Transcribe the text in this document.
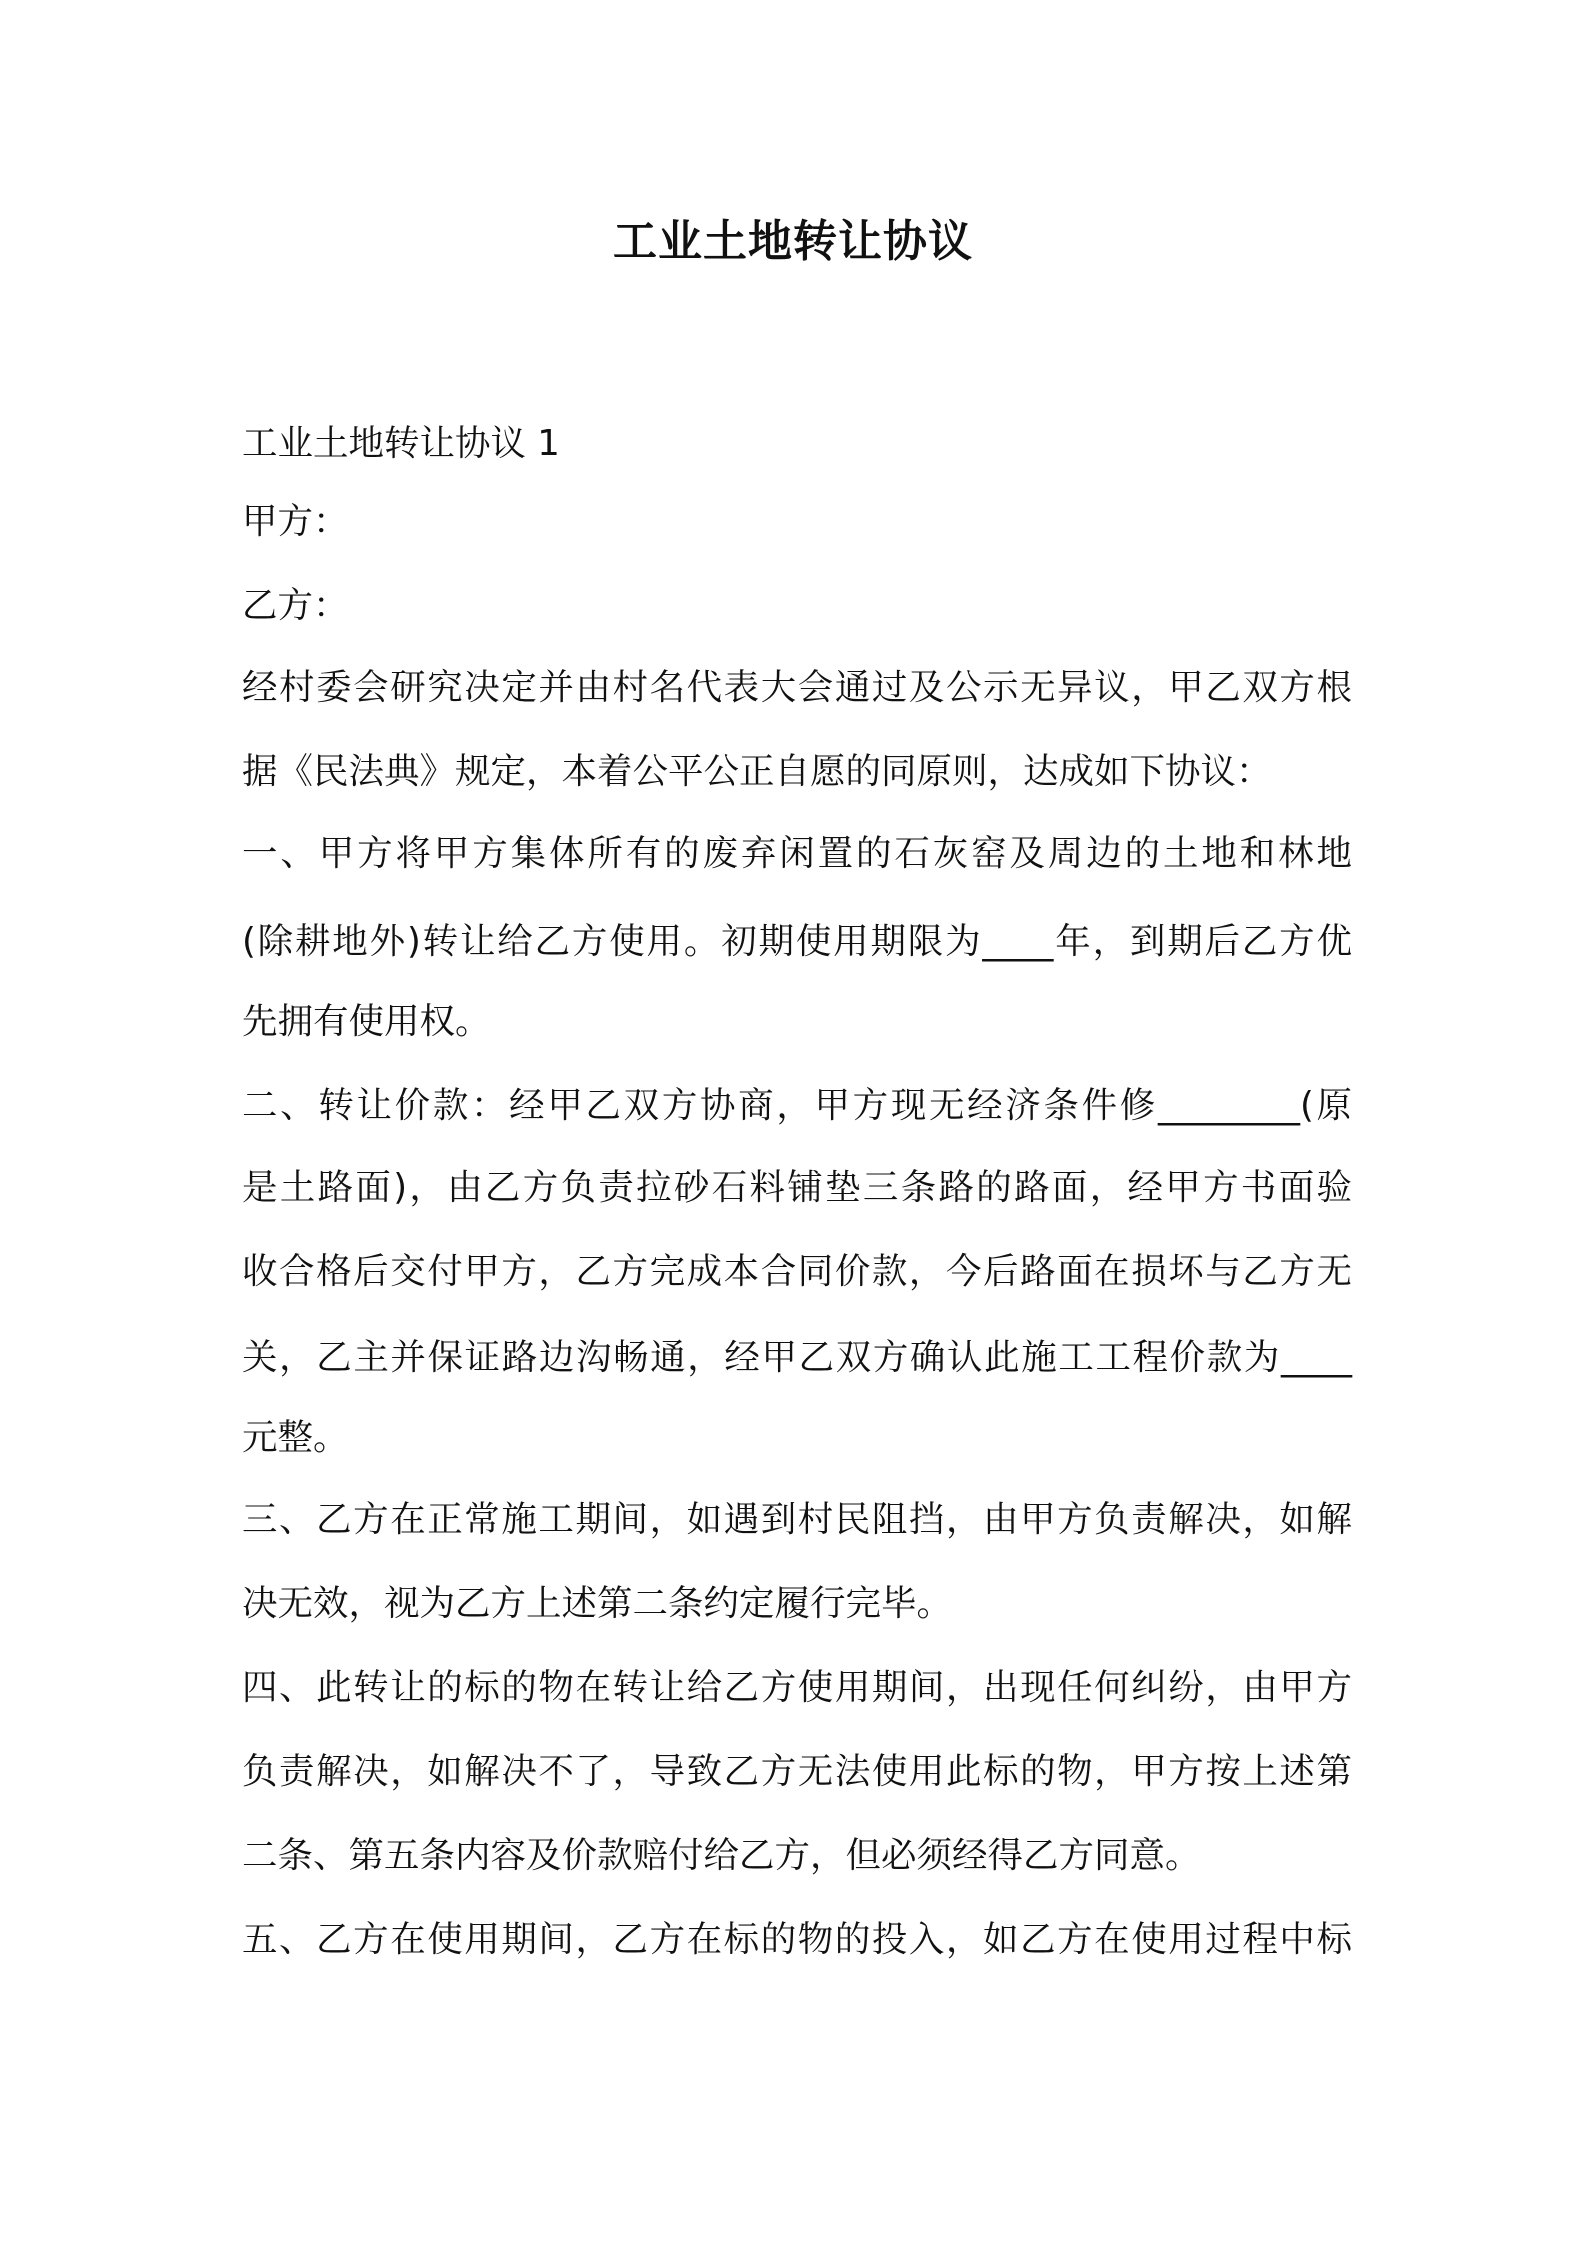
工业土地转让协议
工业土地转让协议 1
甲方：
乙方：
经村委会研究决定并由村名代表大会通过及公示无异议，甲乙双方根
据《民法典》规定，本着公平公正自愿的同原则，达成如下协议：
一、甲方将甲方集体所有的废弃闲置的石灰窑及周边的土地和林地
(除耕地外)转让给乙方使用。初期使用期限为____年，到期后乙方优
先拥有使用权。
二、转让价款：经甲乙双方协商，甲方现无经济条件修________(原
是土路面)，由乙方负责拉砂石料铺垫三条路的路面，经甲方书面验
收合格后交付甲方，乙方完成本合同价款，今后路面在损坏与乙方无
关，乙主并保证路边沟畅通，经甲乙双方确认此施工工程价款为____
元整。
三、乙方在正常施工期间，如遇到村民阻挡，由甲方负责解决，如解
决无效，视为乙方上述第二条约定履行完毕。
四、此转让的标的物在转让给乙方使用期间，出现任何纠纷，由甲方
负责解决，如解决不了，导致乙方无法使用此标的物，甲方按上述第
二条、第五条内容及价款赔付给乙方，但必须经得乙方同意。
五、乙方在使用期间，乙方在标的物的投入，如乙方在使用过程中标
